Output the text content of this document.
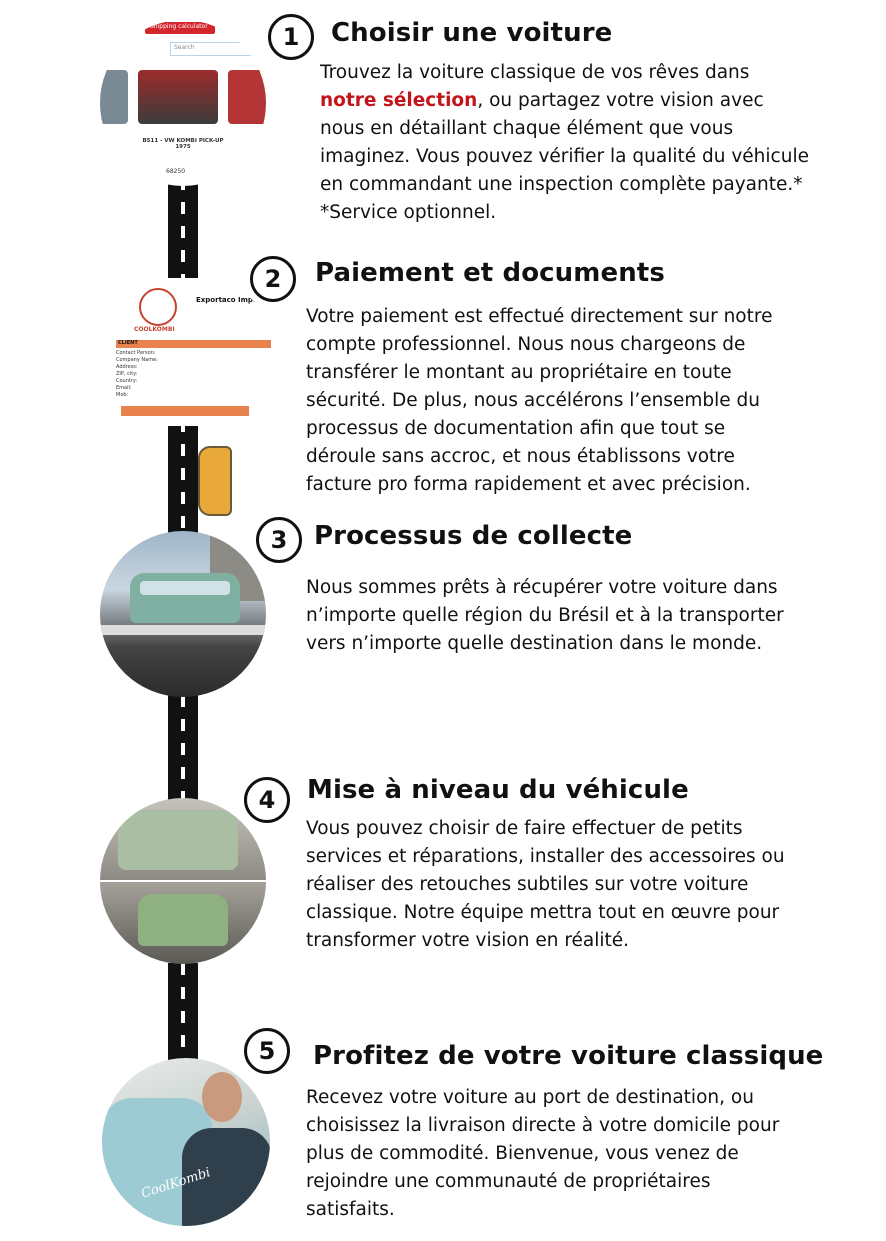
Shipping calculator
Search
B511 - VW KOMBI PICK-UP 1975
68250
1	Choisir une voiture
Trouvez la voiture classique de vos rêves dans
notre sélection, ou partagez votre vision avec nous en détaillant chaque élément que vous imaginez. Vous pouvez vérifier la qualité du véhicule en commandant une inspection complète payante.*
*Service optionnel.
COOLKOMBI
Exportaco Imp.
CLIENT
Contact Person:
Company Name:
Address:
ZIP, city:
Country:
Email:
Mob:
2	Paiement et documents
Votre paiement est effectué directement sur notre compte professionnel. Nous nous chargeons de transférer le montant au propriétaire en toute sécurité. De plus, nous accélérons l’ensemble du processus de documentation afin que tout se déroule sans accroc, et nous établissons votre facture pro forma rapidement et avec précision.
3	Processus de collecte
Nous sommes prêts à récupérer votre voiture dans n’importe quelle région du Brésil et à la transporter vers n’importe quelle destination dans le monde.
4	Mise à niveau du véhicule
Vous pouvez choisir de faire effectuer de petits services et réparations, installer des accessoires ou réaliser des retouches subtiles sur votre voiture classique. Notre équipe mettra tout en œuvre pour transformer votre vision en réalité.
CoolKombi
5	Profitez de votre voiture classique
Recevez votre voiture au port de destination, ou choisissez la livraison directe à votre domicile pour plus de commodité. Bienvenue, vous venez de rejoindre une communauté de propriétaires satisfaits.
